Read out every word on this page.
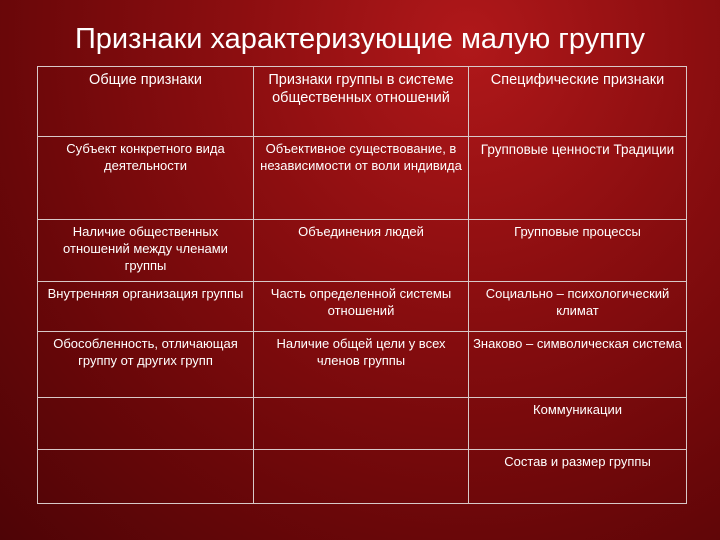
Признаки характеризующие малую группу
Общие признаки	Признаки группы в системе общественных отношений	Специфические признаки
Субъект конкретного вида деятельности	Объективное существование, в независимости от воли индивида	Групповые ценности Традиции
Наличие общественных отношений между членами группы	Объединения людей	Групповые процессы
Внутренняя организация группы	Часть определенной системы отношений	Социально – психологический климат
Обособленность, отличающая группу от других групп	Наличие общей цели у всех членов группы	Знаково – символическая система
		Коммуникации
		Состав и размер группы
